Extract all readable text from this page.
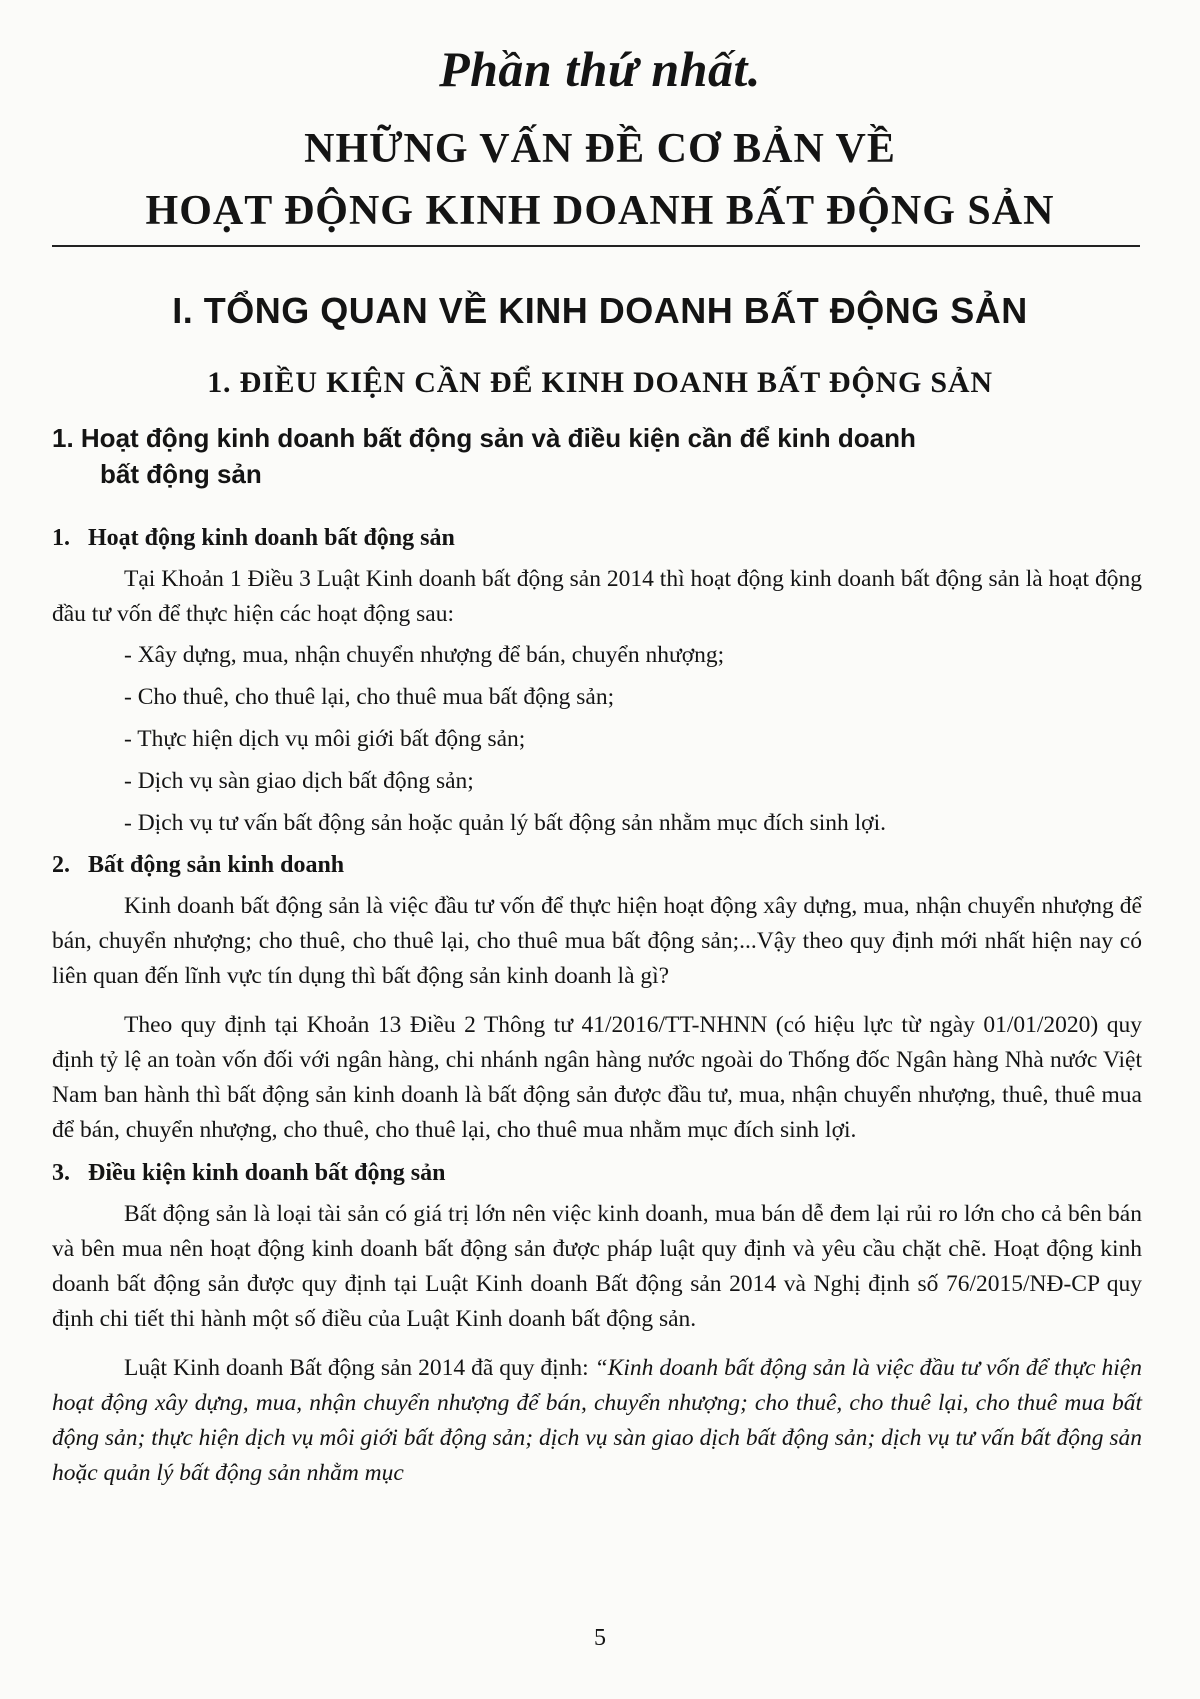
Phần thứ nhất.
NHỮNG VẤN ĐỀ CƠ BẢN VỀ
HOẠT ĐỘNG KINH DOANH BẤT ĐỘNG SẢN
I. TỔNG QUAN VỀ KINH DOANH BẤT ĐỘNG SẢN
1. ĐIỀU KIỆN CẦN ĐỂ KINH DOANH BẤT ĐỘNG SẢN
1. Hoạt động kinh doanh bất động sản và điều kiện cần để kinh doanh
bất động sản

1. Hoạt động kinh doanh bất động sản

Tại Khoản 1 Điều 3 Luật Kinh doanh bất động sản 2014 thì hoạt động kinh doanh bất động sản là hoạt động đầu tư vốn để thực hiện các hoạt động sau:

- Xây dựng, mua, nhận chuyển nhượng để bán, chuyển nhượng;

- Cho thuê, cho thuê lại, cho thuê mua bất động sản;

- Thực hiện dịch vụ môi giới bất động sản;

- Dịch vụ sàn giao dịch bất động sản;

- Dịch vụ tư vấn bất động sản hoặc quản lý bất động sản nhằm mục đích sinh lợi.

2. Bất động sản kinh doanh

Kinh doanh bất động sản là việc đầu tư vốn để thực hiện hoạt động xây dựng, mua, nhận chuyển nhượng để bán, chuyển nhượng; cho thuê, cho thuê lại, cho thuê mua bất động sản;...Vậy theo quy định mới nhất hiện nay có liên quan đến lĩnh vực tín dụng thì bất động sản kinh doanh là gì?

Theo quy định tại Khoản 13 Điều 2 Thông tư 41/2016/TT-NHNN (có hiệu lực từ ngày 01/01/2020) quy định tỷ lệ an toàn vốn đối với ngân hàng, chi nhánh ngân hàng nước ngoài do Thống đốc Ngân hàng Nhà nước Việt Nam ban hành thì bất động sản kinh doanh là bất động sản được đầu tư, mua, nhận chuyển nhượng, thuê, thuê mua để bán, chuyển nhượng, cho thuê, cho thuê lại, cho thuê mua nhằm mục đích sinh lợi.

3. Điều kiện kinh doanh bất động sản

Bất động sản là loại tài sản có giá trị lớn nên việc kinh doanh, mua bán dễ đem lại rủi ro lớn cho cả bên bán và bên mua nên hoạt động kinh doanh bất động sản được pháp luật quy định và yêu cầu chặt chẽ. Hoạt động kinh doanh bất động sản được quy định tại Luật Kinh doanh Bất động sản 2014 và Nghị định số 76/2015/NĐ-CP quy định chi tiết thi hành một số điều của Luật Kinh doanh bất động sản.

Luật Kinh doanh Bất động sản 2014 đã quy định: “Kinh doanh bất động sản là việc đầu tư vốn để thực hiện hoạt động xây dựng, mua, nhận chuyển nhượng để bán, chuyển nhượng; cho thuê, cho thuê lại, cho thuê mua bất động sản; thực hiện dịch vụ môi giới bất động sản; dịch vụ sàn giao dịch bất động sản; dịch vụ tư vấn bất động sản hoặc quản lý bất động sản nhằm mục

5
